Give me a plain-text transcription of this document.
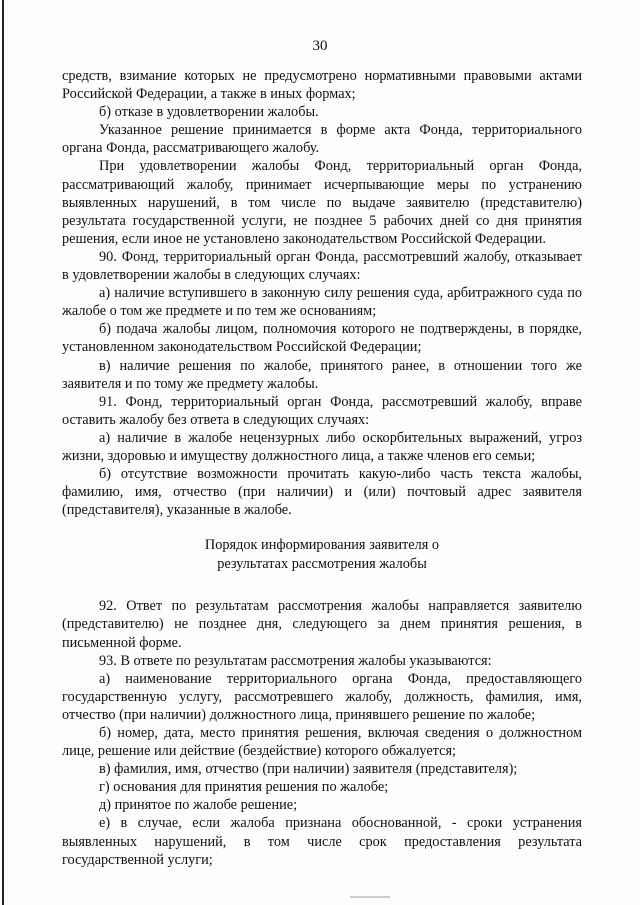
30

средств, взимание которых не предусмотрено нормативными правовыми актами Российской Федерации, а также в иных формах;

б) отказе в удовлетворении жалобы.

Указанное решение принимается в форме акта Фонда, территориального органа Фонда, рассматривающего жалобу.

При удовлетворении жалобы Фонд, территориальный орган Фонда, рассматривающий жалобу, принимает исчерпывающие меры по устранению выявленных нарушений, в том числе по выдаче заявителю (представителю) результата государственной услуги, не позднее 5 рабочих дней со дня принятия решения, если иное не установлено законодательством Российской Федерации.

90. Фонд, территориальный орган Фонда, рассмотревший жалобу, отказывает в удовлетворении жалобы в следующих случаях:

а) наличие вступившего в законную силу решения суда, арбитражного суда по жалобе о том же предмете и по тем же основаниям;

б) подача жалобы лицом, полномочия которого не подтверждены, в порядке, установленном законодательством Российской Федерации;

в) наличие решения по жалобе, принятого ранее, в отношении того же заявителя и по тому же предмету жалобы.

91. Фонд, территориальный орган Фонда, рассмотревший жалобу, вправе оставить жалобу без ответа в следующих случаях:

а) наличие в жалобе нецензурных либо оскорбительных выражений, угроз жизни, здоровью и имуществу должностного лица, а также членов его семьи;

б) отсутствие возможности прочитать какую-либо часть текста жалобы, фамилию, имя, отчество (при наличии) и (или) почтовый адрес заявителя (представителя), указанные в жалобе.

Порядок информирования заявителя о
результатах рассмотрения жалобы

92. Ответ по результатам рассмотрения жалобы направляется заявителю (представителю) не позднее дня, следующего за днем принятия решения, в письменной форме.

93. В ответе по результатам рассмотрения жалобы указываются:

а) наименование территориального органа Фонда, предоставляющего государственную услугу, рассмотревшего жалобу, должность, фамилия, имя, отчество (при наличии) должностного лица, принявшего решение по жалобе;

б) номер, дата, место принятия решения, включая сведения о должностном лице, решение или действие (бездействие) которого обжалуется;

в) фамилия, имя, отчество (при наличии) заявителя (представителя);

г) основания для принятия решения по жалобе;

д) принятое по жалобе решение;

е) в случае, если жалоба признана обоснованной, - сроки устранения выявленных нарушений, в том числе срок предоставления результата государственной услуги;
